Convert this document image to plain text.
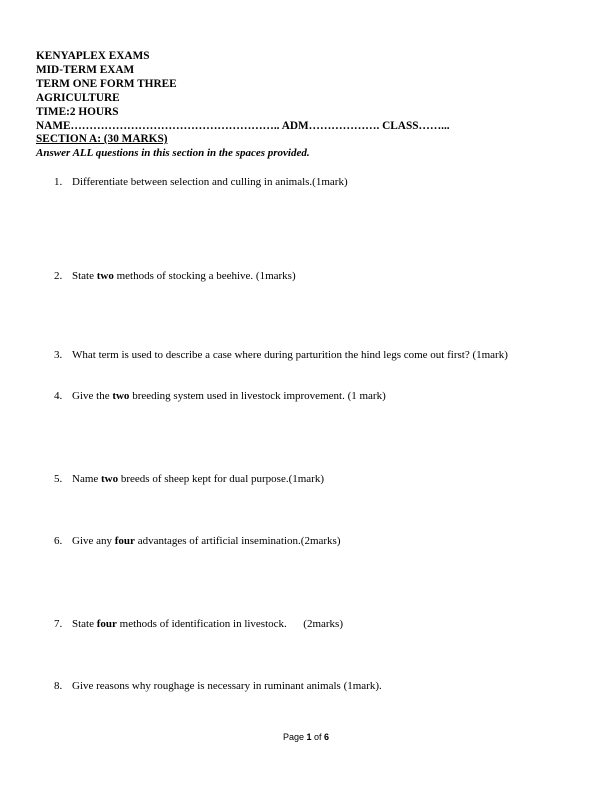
KENYAPLEX EXAMS
MID-TERM EXAM
TERM ONE FORM THREE
AGRICULTURE
TIME:2 HOURS
NAME……………………………………………….. ADM………………. CLASS……...
SECTION A: (30 MARKS)
Answer ALL questions in this section in the spaces provided.
1. Differentiate between selection and culling in animals.(1mark)
2. State two methods of stocking a beehive. (1marks)
3. What term is used to describe a case where during parturition the hind legs come out first? (1mark)
4. Give the two breeding system used in livestock improvement. (1 mark)
5. Name two breeds of sheep kept for dual purpose.(1mark)
6. Give any four advantages of artificial insemination.(2marks)
7. State four methods of identification in livestock.      (2marks)
8. Give reasons why roughage is necessary in ruminant animals (1mark).
Page 1 of 6
